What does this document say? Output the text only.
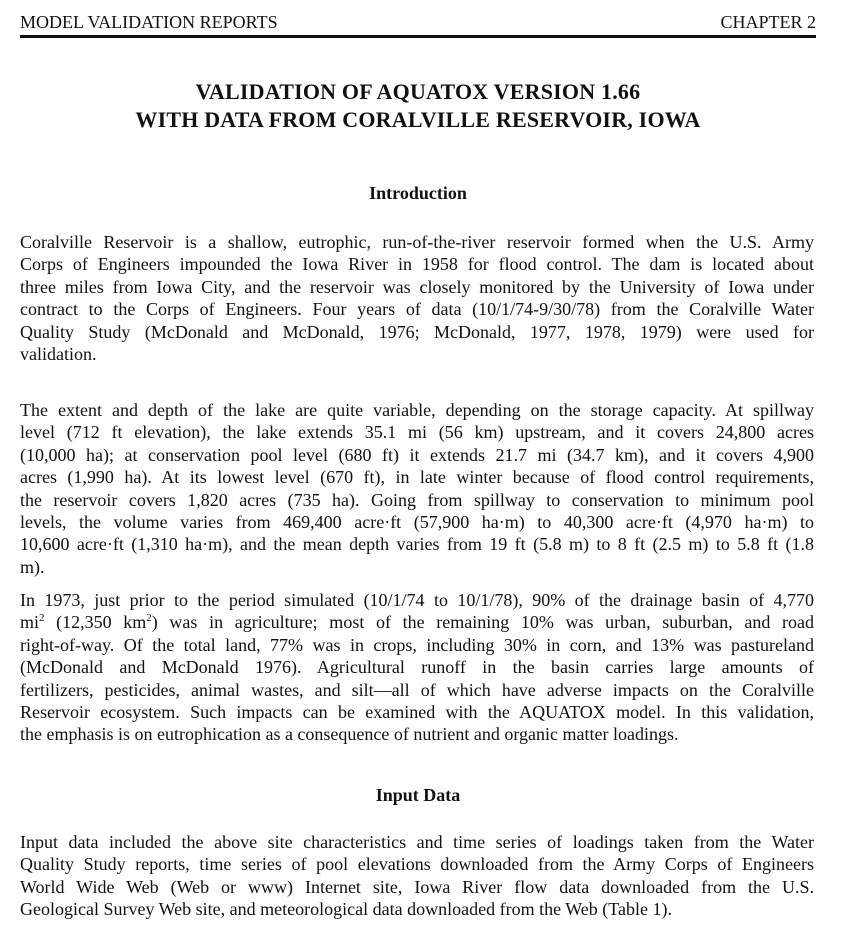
MODEL VALIDATION REPORTS	CHAPTER 2
VALIDATION OF AQUATOX VERSION 1.66
WITH DATA FROM CORALVILLE RESERVOIR, IOWA
Introduction
Coralville Reservoir is a shallow, eutrophic, run-of-the-river reservoir formed when the U.S. Army
Corps of Engineers impounded the Iowa River in 1958 for flood control. The dam is located about
three miles from Iowa City, and the reservoir was closely monitored by the University of Iowa under
contract to the Corps of Engineers. Four years of data (10/1/74-9/30/78) from the Coralville Water
Quality Study (McDonald and McDonald, 1976; McDonald, 1977, 1978, 1979) were used for
validation.
The extent and depth of the lake are quite variable, depending on the storage capacity. At spillway
level (712 ft elevation), the lake extends 35.1 mi (56 km) upstream, and it covers 24,800 acres
(10,000 ha); at conservation pool level (680 ft) it extends 21.7 mi (34.7 km), and it covers 4,900
acres (1,990 ha). At its lowest level (670 ft), in late winter because of flood control requirements,
the reservoir covers 1,820 acres (735 ha). Going from spillway to conservation to minimum pool
levels, the volume varies from 469,400 acre·ft (57,900 ha·m) to 40,300 acre·ft (4,970 ha·m) to
10,600 acre·ft (1,310 ha·m), and the mean depth varies from 19 ft (5.8 m) to 8 ft (2.5 m) to 5.8 ft (1.8
m).
In 1973, just prior to the period simulated (10/1/74 to 10/1/78), 90% of the drainage basin of 4,770
$mi^2$ (12,350 $km^2$) was in agriculture; most of the remaining 10% was urban, suburban, and road
right-of-way. Of the total land, 77% was in crops, including 30% in corn, and 13% was pastureland
(McDonald and McDonald 1976). Agricultural runoff in the basin carries large amounts of
fertilizers, pesticides, animal wastes, and silt—all of which have adverse impacts on the Coralville
Reservoir ecosystem. Such impacts can be examined with the AQUATOX model. In this validation,
the emphasis is on eutrophication as a consequence of nutrient and organic matter loadings.
Input Data
Input data included the above site characteristics and time series of loadings taken from the Water
Quality Study reports, time series of pool elevations downloaded from the Army Corps of Engineers
World Wide Web (Web or www) Internet site, Iowa River flow data downloaded from the U.S.
Geological Survey Web site, and meteorological data downloaded from the Web (Table 1).
